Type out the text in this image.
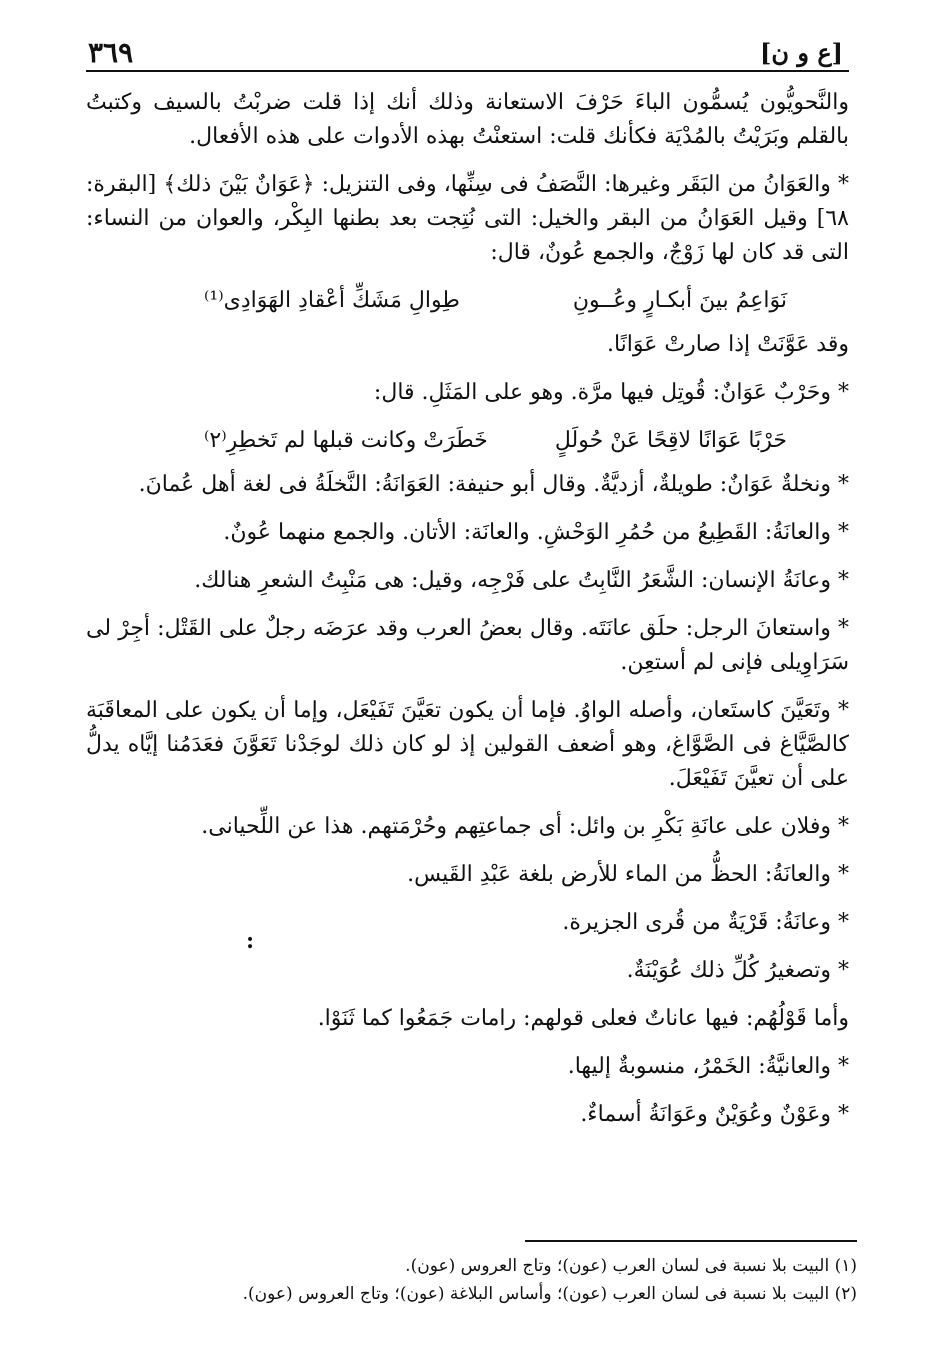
[ع و ن]
٣٦٩

والنَّحويُّون يُسمُّون الباءَ حَرْفَ الاستعانة وذلك أنك إذا قلت ضربْتُ بالسيف وكتبتُ بالقلم وبَرَيْتُ بالمُدْيَة فكأنك قلت: استعنْتُ بهذه الأدوات على هذه الأفعال.

* والعَوَانُ من البَقَر وغيرها: النَّصَفُ فى سِنِّها، وفى التنزيل: ﴿عَوَانٌ بَيْنَ ذلك﴾ [البقرة: ٦٨] وقيل العَوَانُ من البقر والخيل: التى نُتِجت بعد بطنها البِكْر، والعوان من النساء: التى قد كان لها زَوْجٌ، والجمع عُونٌ، قال:

نَوَاعِمُ بينَ أبكـارٍ وعُــونِ
طِوالِ مَشَكِّ أعْقادِ الهَوَادِى⁽¹⁾

وقد عَوَّنَتْ إذا صارتْ عَوَانًا.

* وحَرْبٌ عَوَانٌ: قُوتِل فيها مرَّة. وهو على المَثَلِ. قال:

حَرْبًا عَوَانًا لاقِحًا عَنْ حُولَلٍ
خَطَرَتْ وكانت قبلها لم تَخطِرِ⁽٢⁾

* ونخلةٌ عَوَانٌ: طويلةٌ، أزديَّةٌ. وقال أبو حنيفة: العَوَانَةُ: النَّخلَةُ فى لغة أهل عُمانَ.

* والعانَةُ: القَطِيعُ من حُمُرِ الوَحْشِ. والعانَة: الأتان. والجمع منهما عُونٌ.

* وعانَةُ الإنسان: الشَّعَرُ النَّابِتُ على فَرْجِه، وقيل: هى مَنْبِتُ الشعرِ هنالك.

* واستعانَ الرجل: حلَق عانَتَه. وقال بعضُ العرب وقد عرَضَه رجلٌ على القَتْل: أجِرْ لى سَرَاوِيلى فإنى لم أستعِن.

* وتَعَيَّنَ كاستَعان، وأصله الواوُ. فإما أن يكون تعَيَّنَ تَفَيْعَل، وإما أن يكون على المعاقَبَة كالصَّيَّاغ فى الصَّوَّاغ، وهو أضعف القولين إذ لو كان ذلك لوجَدْنا تَعَوَّنَ فعَدَمُنا إيَّاه يدلُّ على أن تعيَّنَ تَفَيْعَلَ.

* وفلان على عانَةِ بَكْرِ بن وائل: أى جماعتِهم وحُرْمَتهم. هذا عن اللِّحيانى.

* والعانَةُ: الحظُّ من الماء للأرض بلغة عَبْدِ القَيس.

* وعانَةُ: قَرْيَةٌ من قُرى الجزيرة.

* وتصغيرُ كُلِّ ذلك عُوَيْنَةٌ.

وأما قَوْلُهُم: فيها عاناتٌ فعلى قولهم: رامات جَمَعُوا كما ثَنَوْا.

* والعانيَّةُ: الخَمْرُ، منسوبةٌ إليها.

* وعَوْنٌ وعُوَيْنٌ وعَوَانَةُ أسماءٌ.

:

(١) البيت بلا نسبة فى لسان العرب (عون)؛ وتاج العروس (عون).

(٢) البيت بلا نسبة فى لسان العرب (عون)؛ وأساس البلاغة (عون)؛ وتاج العروس (عون).
